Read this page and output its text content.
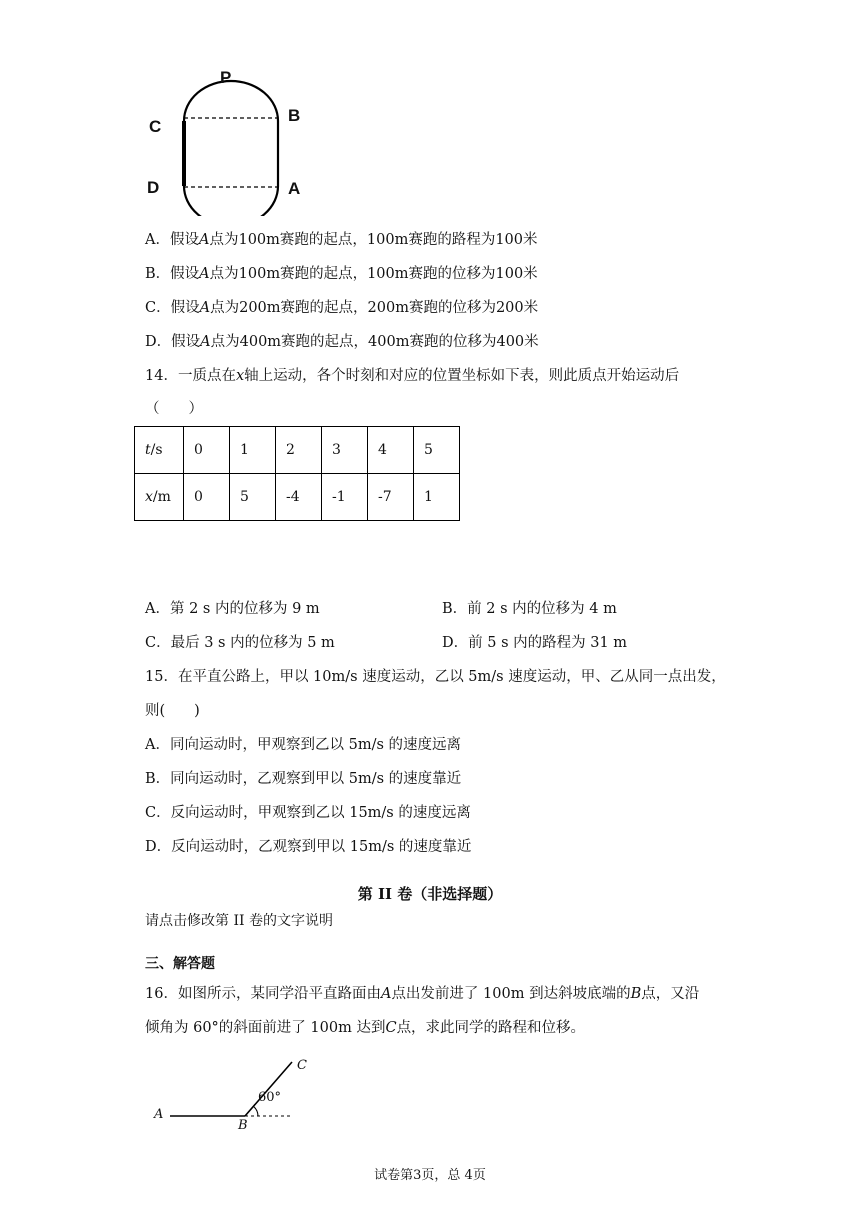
P
B
C
D	A
A．假设A点为100m赛跑的起点，100m赛跑的路程为100米
B．假设A点为100m赛跑的起点，100m赛跑的位移为100米
C．假设A点为200m赛跑的起点，200m赛跑的位移为200米
D．假设A点为400m赛跑的起点，400m赛跑的位移为400米
14．一质点在x轴上运动，各个时刻和对应的位置坐标如下表，则此质点开始运动后
（　　）
t/s	0	1	2	3	4	5
x/m	0	5	-4	-1	-7	1
A．第 2 s 内的位移为 9 m	B．前 2 s 内的位移为 4 m
C．最后 3 s 内的位移为 5 m	D．前 5 s 内的路程为 31 m
15．在平直公路上，甲以 10m/s 速度运动，乙以 5m/s 速度运动，甲、乙从同一点出发，
则(　　)
A．同向运动时，甲观察到乙以 5m/s 的速度远离
B．同向运动时，乙观察到甲以 5m/s 的速度靠近
C．反向运动时，甲观察到乙以 15m/s 的速度远离
D．反向运动时，乙观察到甲以 15m/s 的速度靠近
第 II 卷（非选择题）
请点击修改第 II 卷的文字说明
三、解答题
16．如图所示，某同学沿平直路面由A点出发前进了 100m 到达斜坡底端的B点，又沿
倾角为 60°的斜面前进了 100m 达到C点，求此同学的路程和位移。
A
B
C
60°
试卷第3页，总 4页
